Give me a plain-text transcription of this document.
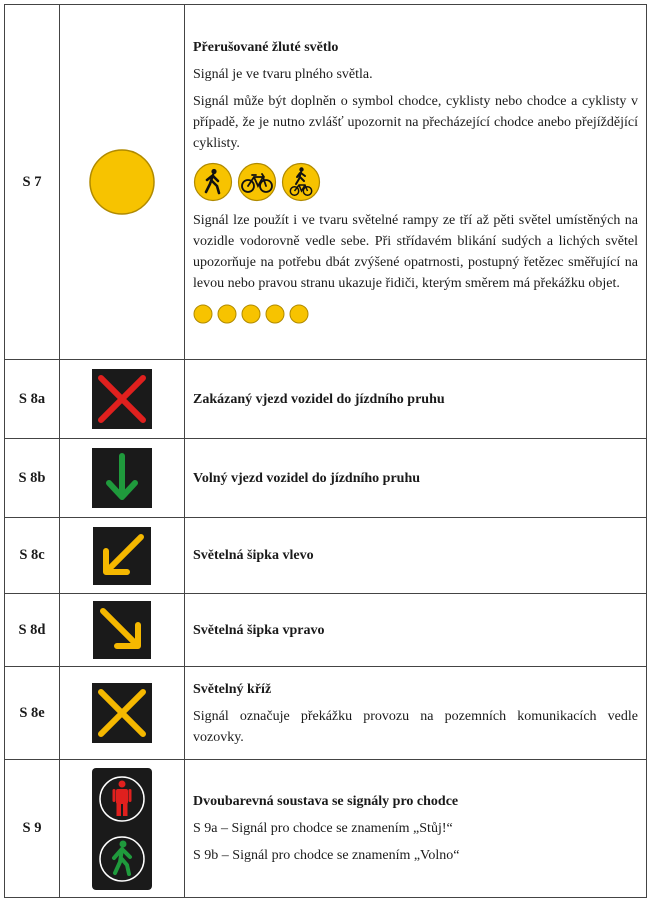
S 7		Přerušované žluté světlo

Signál je ve tvaru plného světla.

Signál může být doplněn o symbol chodce, cyklisty nebo chodce a cyklisty v případě, že je nutno zvlášť upozornit na přecházející chodce anebo přejíždějící cyklisty.

Signál lze použít i ve tvaru světelné rampy ze tří až pěti světel umístěných na vozidle vodorovně vedle sebe. Při střídavém blikání sudých a lichých světel upozorňuje na potřebu dbát zvýšené opatrnosti, postupný řetězec směřující na levou nebo pravou stranu ukazuje řidiči, kterým směrem má překážku objet.

S 8a		Zakázaný vjezd vozidel do jízdního pruhu

S 8b		Volný vjezd vozidel do jízdního pruhu

S 8c		Světelná šipka vlevo

S 8d		Světelná šipka vpravo

S 8e		Světelný kříž

Signál označuje překážku provozu na pozemních komunikacích vedle vozovky.

S 9		Dvoubarevná soustava se signály pro chodce

S 9a – Signál pro chodce se znamením „Stůj!“

S 9b – Signál pro chodce se znamením „Volno“
